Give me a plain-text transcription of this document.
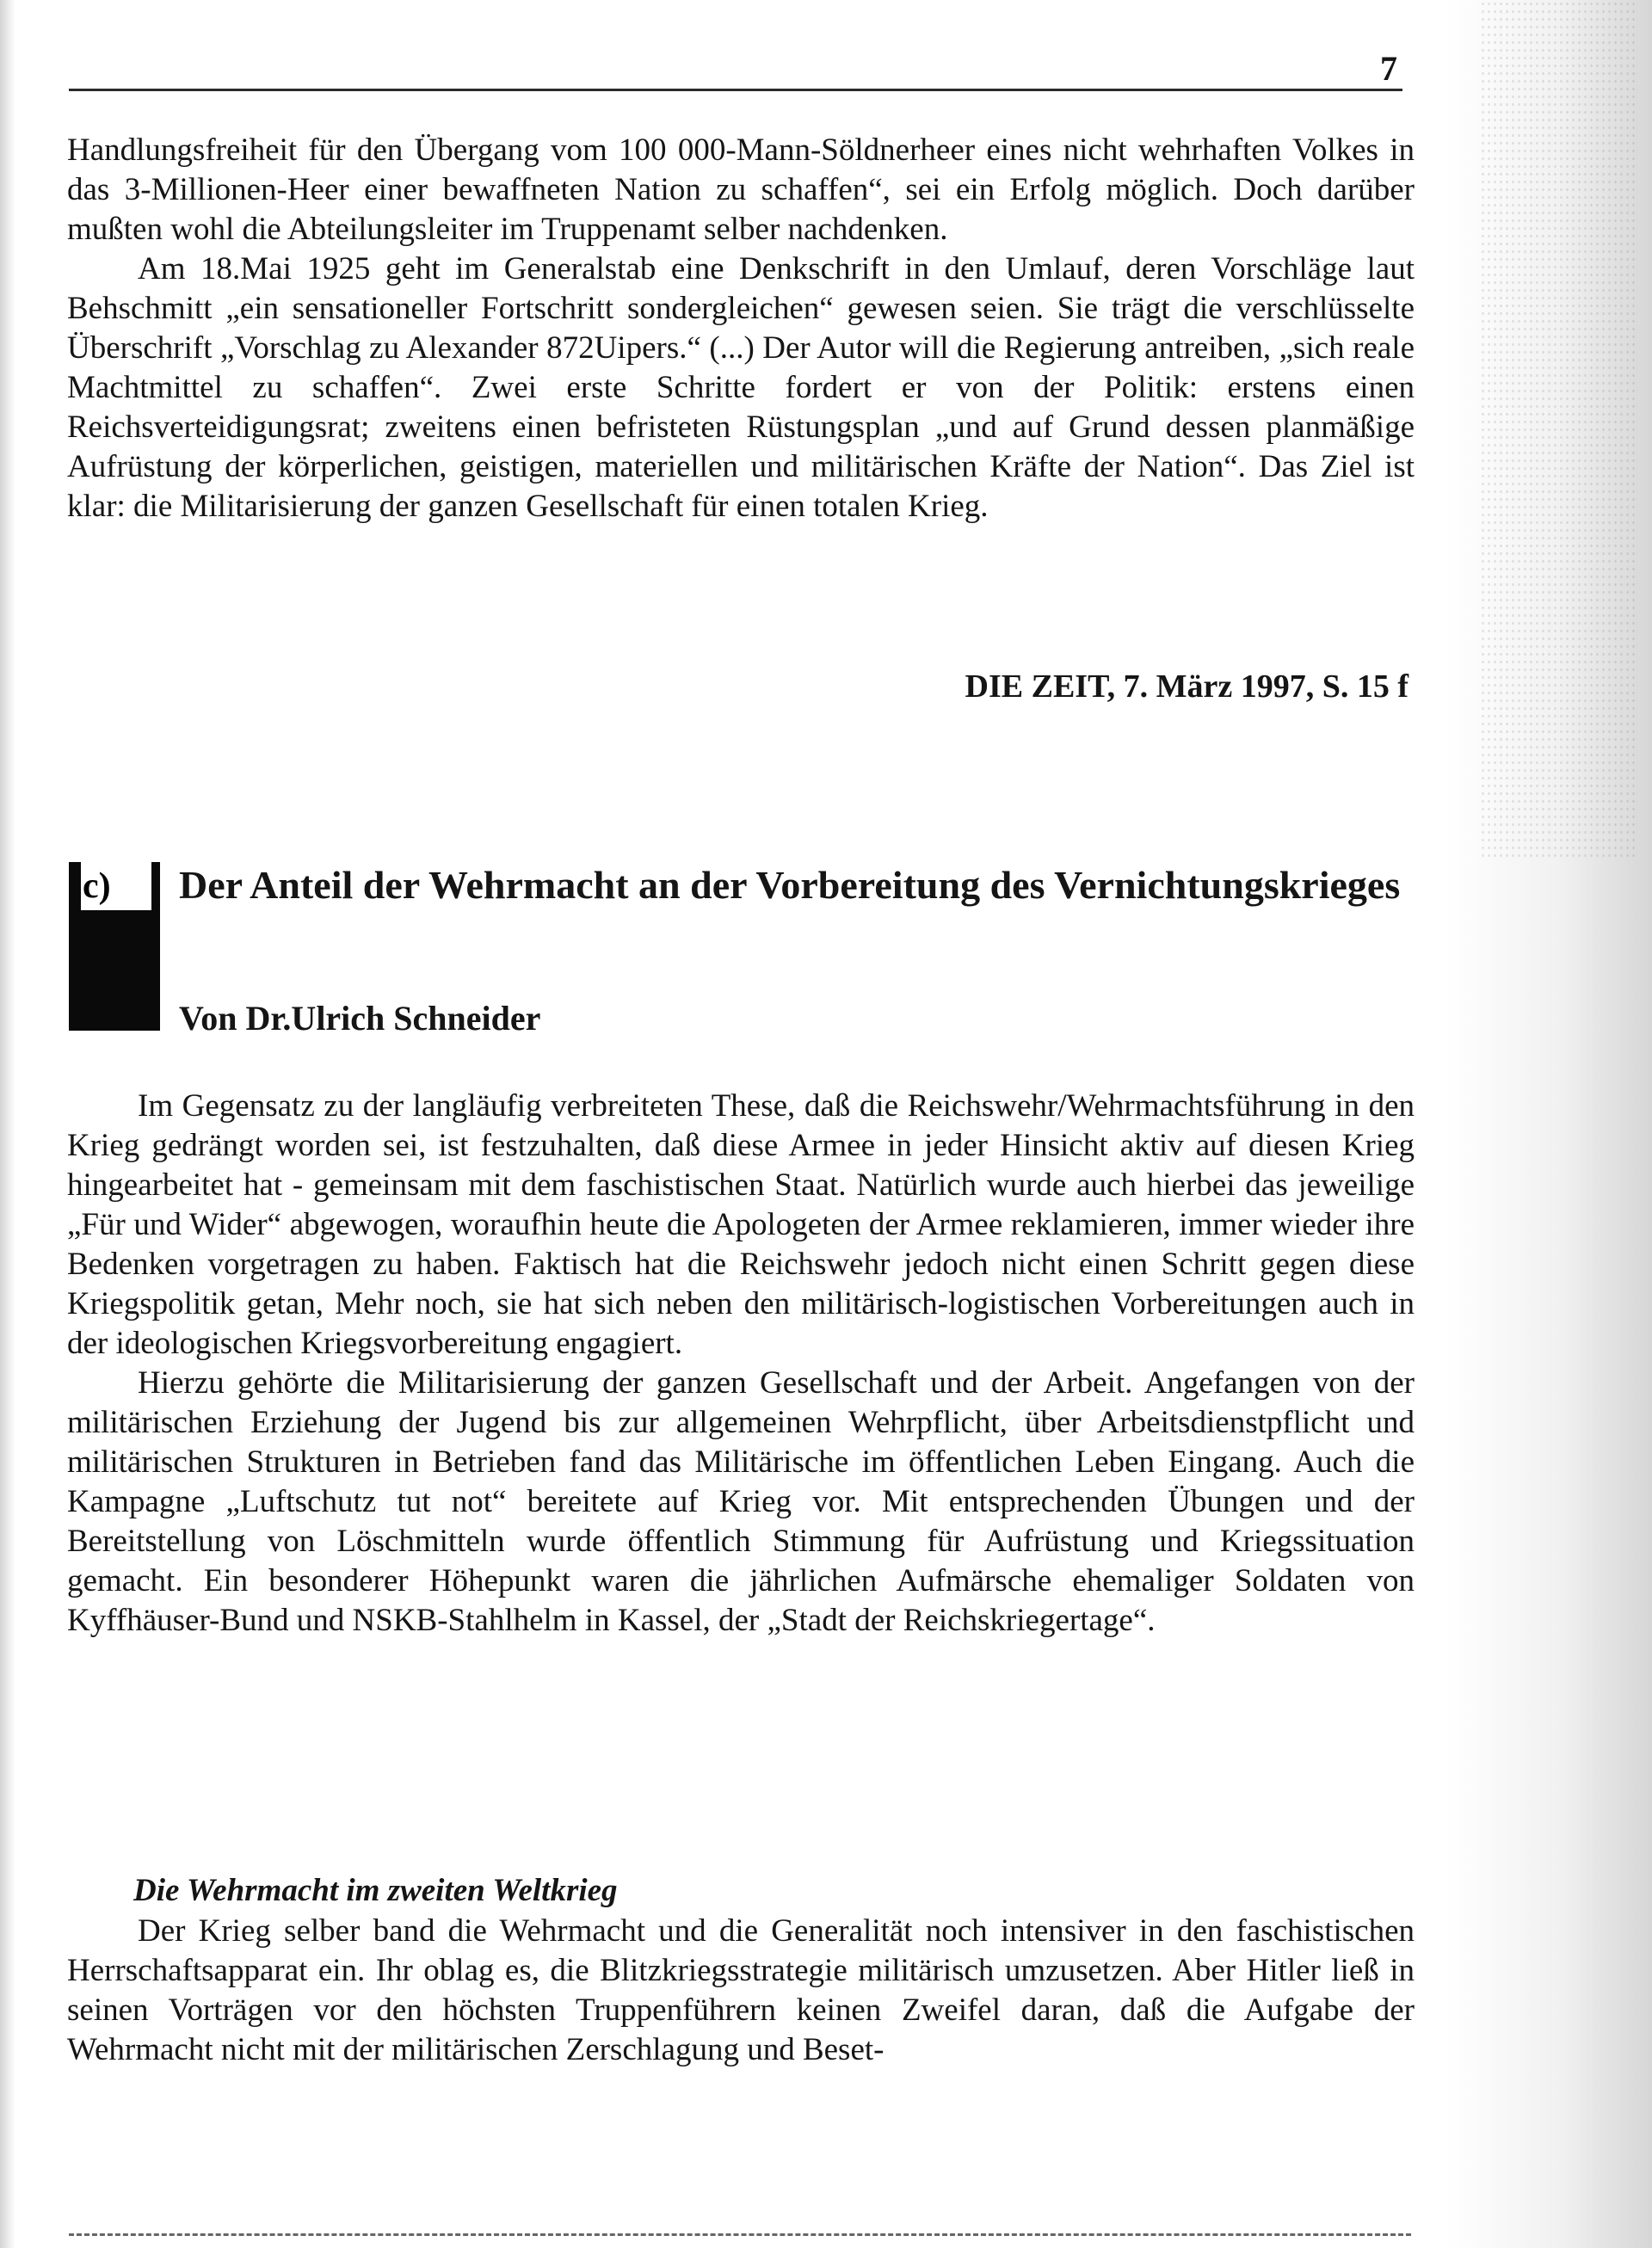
7

Handlungsfreiheit für den Übergang vom 100 000-Mann-Söldnerheer eines nicht wehrhaften Volkes in das 3-Millionen-Heer einer bewaffneten Nation zu schaffen“, sei ein Erfolg möglich. Doch darüber mußten wohl die Abteilungsleiter im Truppenamt selber nachdenken.

Am 18.Mai 1925 geht im Generalstab eine Denkschrift in den Umlauf, deren Vorschläge laut Behschmitt „ein sensationeller Fortschritt sondergleichen“ gewesen seien. Sie trägt die verschlüsselte Überschrift „Vorschlag zu Alexander 872Uipers.“ (...) Der Autor will die Regierung antreiben, „sich reale Machtmittel zu schaffen“. Zwei erste Schritte fordert er von der Politik: erstens einen Reichsverteidigungsrat; zweitens einen befristeten Rüstungsplan „und auf Grund dessen planmäßige Aufrüstung der körperlichen, geistigen, materiellen und militärischen Kräfte der Nation“. Das Ziel ist klar: die Militarisierung der ganzen Gesellschaft für einen totalen Krieg.

DIE ZEIT, 7. März 1997, S. 15 f
c)	Der Anteil der Wehrmacht an der Vorbereitung des Vernichtungskrieges
Von Dr.Ulrich Schneider

Im Gegensatz zu der langläufig verbreiteten These, daß die Reichswehr/Wehrmachtsführung in den Krieg gedrängt worden sei, ist festzuhalten, daß diese Armee in jeder Hinsicht aktiv auf diesen Krieg hingearbeitet hat - gemeinsam mit dem faschistischen Staat. Natürlich wurde auch hierbei das jeweilige „Für und Wider“ abgewogen, woraufhin heute die Apologeten der Armee reklamieren, immer wieder ihre Bedenken vorgetragen zu haben. Faktisch hat die Reichswehr jedoch nicht einen Schritt gegen diese Kriegspolitik getan, Mehr noch, sie hat sich neben den militärisch-logistischen Vorbereitungen auch in der ideologischen Kriegsvorbereitung engagiert.

Hierzu gehörte die Militarisierung der ganzen Gesellschaft und der Arbeit. Angefangen von der militärischen Erziehung der Jugend bis zur allgemeinen Wehrpflicht, über Arbeitsdienstpflicht und militärischen Strukturen in Betrieben fand das Militärische im öffentlichen Leben Eingang. Auch die Kampagne „Luftschutz tut not“ bereitete auf Krieg vor. Mit entsprechenden Übungen und der Bereitstellung von Löschmitteln wurde öffentlich Stimmung für Aufrüstung und Kriegssituation gemacht. Ein besonderer Höhepunkt waren die jährlichen Aufmärsche ehemaliger Soldaten von Kyffhäuser-Bund und NSKB-Stahlhelm in Kassel, der „Stadt der Reichskriegertage“.

Die Wehrmacht im zweiten Weltkrieg

Der Krieg selber band die Wehrmacht und die Generalität noch intensiver in den faschistischen Herrschaftsapparat ein. Ihr oblag es, die Blitzkriegsstrategie militärisch umzusetzen. Aber Hitler ließ in seinen Vorträgen vor den höchsten Truppenführern keinen Zweifel daran, daß die Aufgabe der Wehrmacht nicht mit der militärischen Zerschlagung und Beset-
